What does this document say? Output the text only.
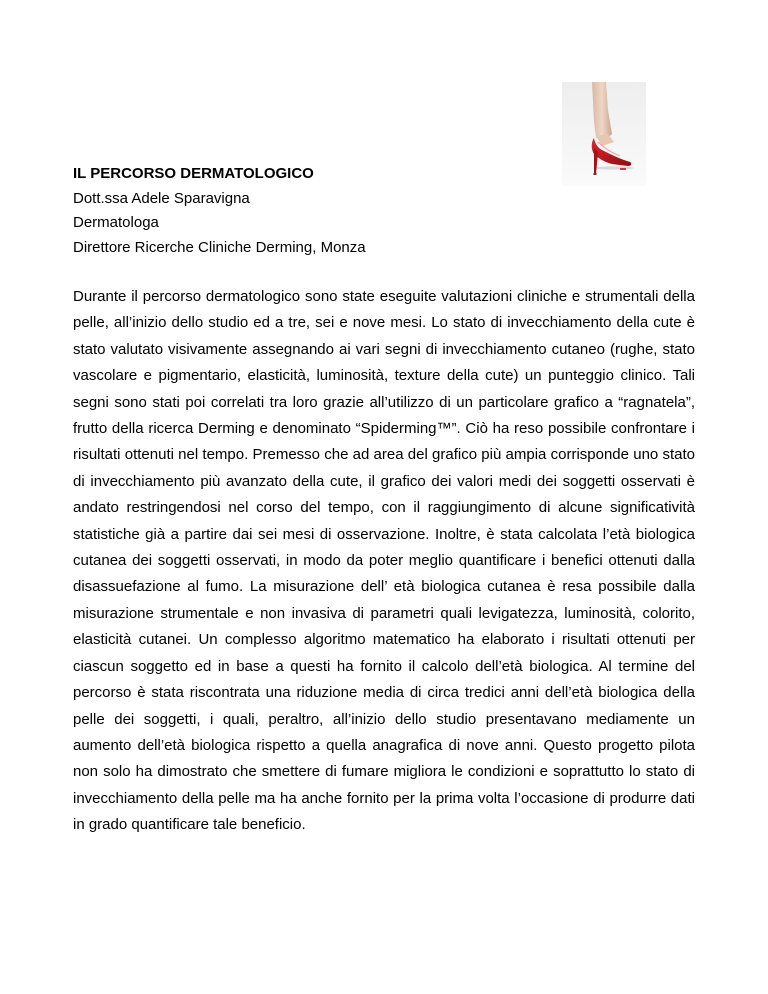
IL PERCORSO DERMATOLOGICO
Dott.ssa Adele Sparavigna
Dermatologa
Direttore Ricerche Cliniche Derming, Monza

Durante il percorso dermatologico sono state eseguite valutazioni cliniche e strumentali della pelle, all’inizio dello studio ed a tre, sei e nove mesi. Lo stato di invecchiamento della cute è stato valutato visivamente assegnando ai vari segni di invecchiamento cutaneo (rughe, stato vascolare e pigmentario, elasticità, luminosità, texture della cute) un punteggio clinico. Tali segni sono stati poi correlati tra loro grazie all’utilizzo di un particolare grafico a “ragnatela”, frutto della ricerca Derming e denominato “Spiderming™”. Ciò ha reso possibile confrontare i risultati ottenuti nel tempo. Premesso che ad area del grafico più ampia corrisponde uno stato di invecchiamento più avanzato della cute, il grafico dei valori medi dei soggetti osservati è andato restringendosi nel corso del tempo, con il raggiungimento di alcune significatività statistiche già a partire dai sei mesi di osservazione. Inoltre, è stata calcolata l’età biologica cutanea dei soggetti osservati, in modo da poter meglio quantificare i benefici ottenuti dalla disassuefazione al fumo. La misurazione dell’ età biologica cutanea è resa possibile dalla misurazione strumentale e non invasiva di parametri quali levigatezza, luminosità, colorito, elasticità cutanei. Un complesso algoritmo matematico ha elaborato i risultati ottenuti per ciascun soggetto ed in base a questi ha fornito il calcolo dell’età biologica. Al termine del percorso è stata riscontrata una riduzione media di circa tredici anni dell’età biologica della pelle dei soggetti, i quali, peraltro, all’inizio dello studio presentavano mediamente un aumento dell’età biologica rispetto a quella anagrafica di nove anni. Questo progetto pilota non solo ha dimostrato che smettere di fumare migliora le condizioni e soprattutto lo stato di invecchiamento della pelle ma ha anche fornito per la prima volta l’occasione di produrre dati in grado quantificare tale beneficio.
